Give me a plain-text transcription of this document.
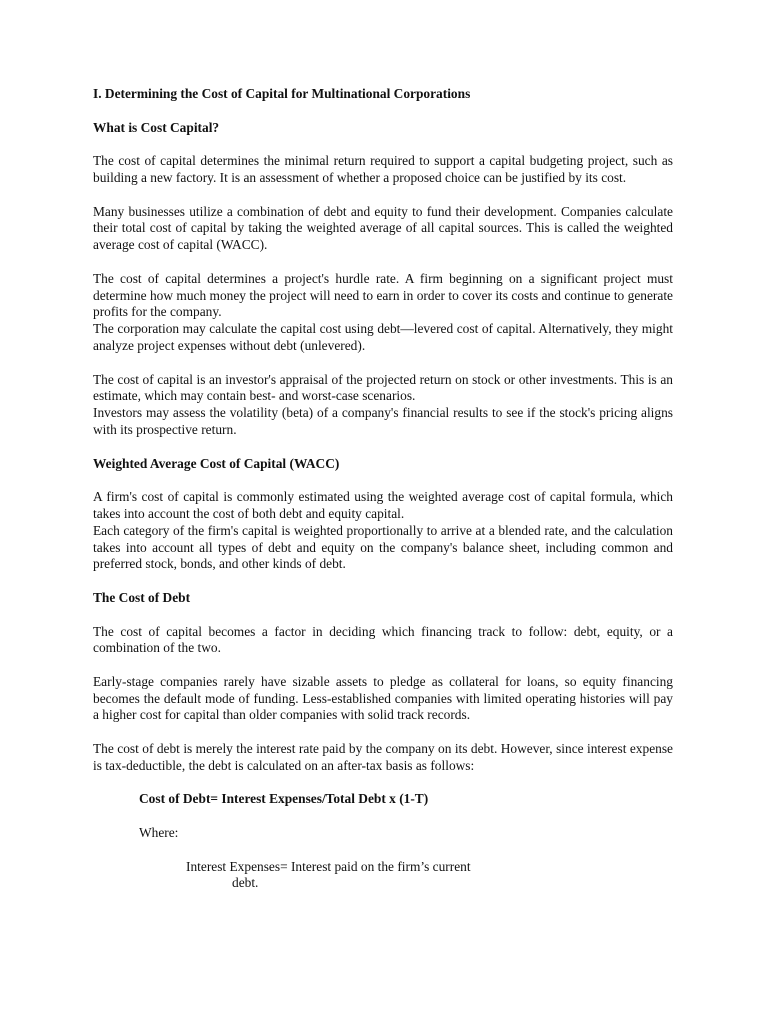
I. Determining the Cost of Capital for Multinational Corporations

What is Cost Capital?

The cost of capital determines the minimal return required to support a capital budgeting project, such as building a new factory. It is an assessment of whether a proposed choice can be justified by its cost.

Many businesses utilize a combination of debt and equity to fund their development. Companies calculate their total cost of capital by taking the weighted average of all capital sources. This is called the weighted average cost of capital (WACC).

The cost of capital determines a project's hurdle rate. A firm beginning on a significant project must determine how much money the project will need to earn in order to cover its costs and continue to generate profits for the company.

The corporation may calculate the capital cost using debt—levered cost of capital. Alternatively, they might analyze project expenses without debt (unlevered).

The cost of capital is an investor's appraisal of the projected return on stock or other investments. This is an estimate, which may contain best- and worst-case scenarios.

Investors may assess the volatility (beta) of a company's financial results to see if the stock's pricing aligns with its prospective return.

Weighted Average Cost of Capital (WACC)

A firm's cost of capital is commonly estimated using the weighted average cost of capital formula, which takes into account the cost of both debt and equity capital.

Each category of the firm's capital is weighted proportionally to arrive at a blended rate, and the calculation takes into account all types of debt and equity on the company's balance sheet, including common and preferred stock, bonds, and other kinds of debt.

The Cost of Debt

The cost of capital becomes a factor in deciding which financing track to follow: debt, equity, or a combination of the two.

Early-stage companies rarely have sizable assets to pledge as collateral for loans, so equity financing becomes the default mode of funding. Less-established companies with limited operating histories will pay a higher cost for capital than older companies with solid track records.

The cost of debt is merely the interest rate paid by the company on its debt. However, since interest expense is tax-deductible, the debt is calculated on an after-tax basis as follows:

Cost of Debt= Interest Expenses/Total Debt x (1-T)

Where:

Interest Expenses= Interest paid on the firm’s current
debt.
